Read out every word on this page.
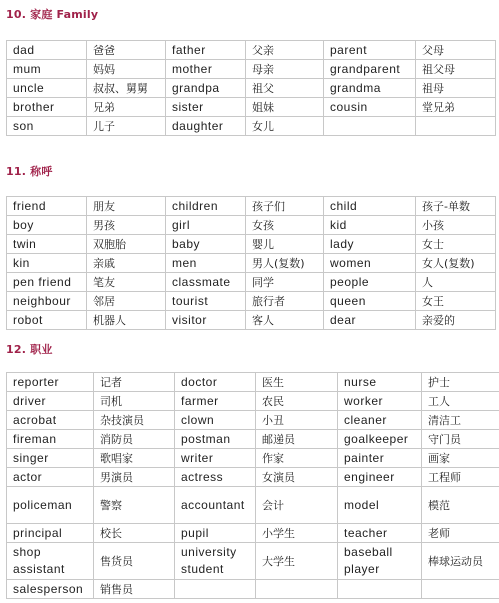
10. 家庭 Family
dad	爸爸	father	父亲	parent	父母
mum	妈妈	mother	母亲	grandparent	祖父母
uncle	叔叔、舅舅	grandpa	祖父	grandma	祖母
brother	兄弟	sister	姐妹	cousin	堂兄弟
son	儿子	daughter	女儿		
11. 称呼
friend	朋友	children	孩子们	child	孩子-单数
boy	男孩	girl	女孩	kid	小孩
twin	双胞胎	baby	婴儿	lady	女士
kin	亲戚	men	男人(复数)	women	女人(复数)
pen friend	笔友	classmate	同学	people	人
neighbour	邻居	tourist	旅行者	queen	女王
robot	机器人	visitor	客人	dear	亲爱的
12. 职业
reporter	记者	doctor	医生	nurse	护士
driver	司机	farmer	农民	worker	工人
acrobat	杂技演员	clown	小丑	cleaner	清洁工
fireman	消防员	postman	邮递员	goalkeeper	守门员
singer	歌唱家	writer	作家	painter	画家
actor	男演员	actress	女演员	engineer	工程师
policeman	警察	accountant	会计	model	模范
principal	校长	pupil	小学生	teacher	老师
shop assistant	售货员	university student	大学生	baseball player	棒球运动员
salesperson	销售员				
